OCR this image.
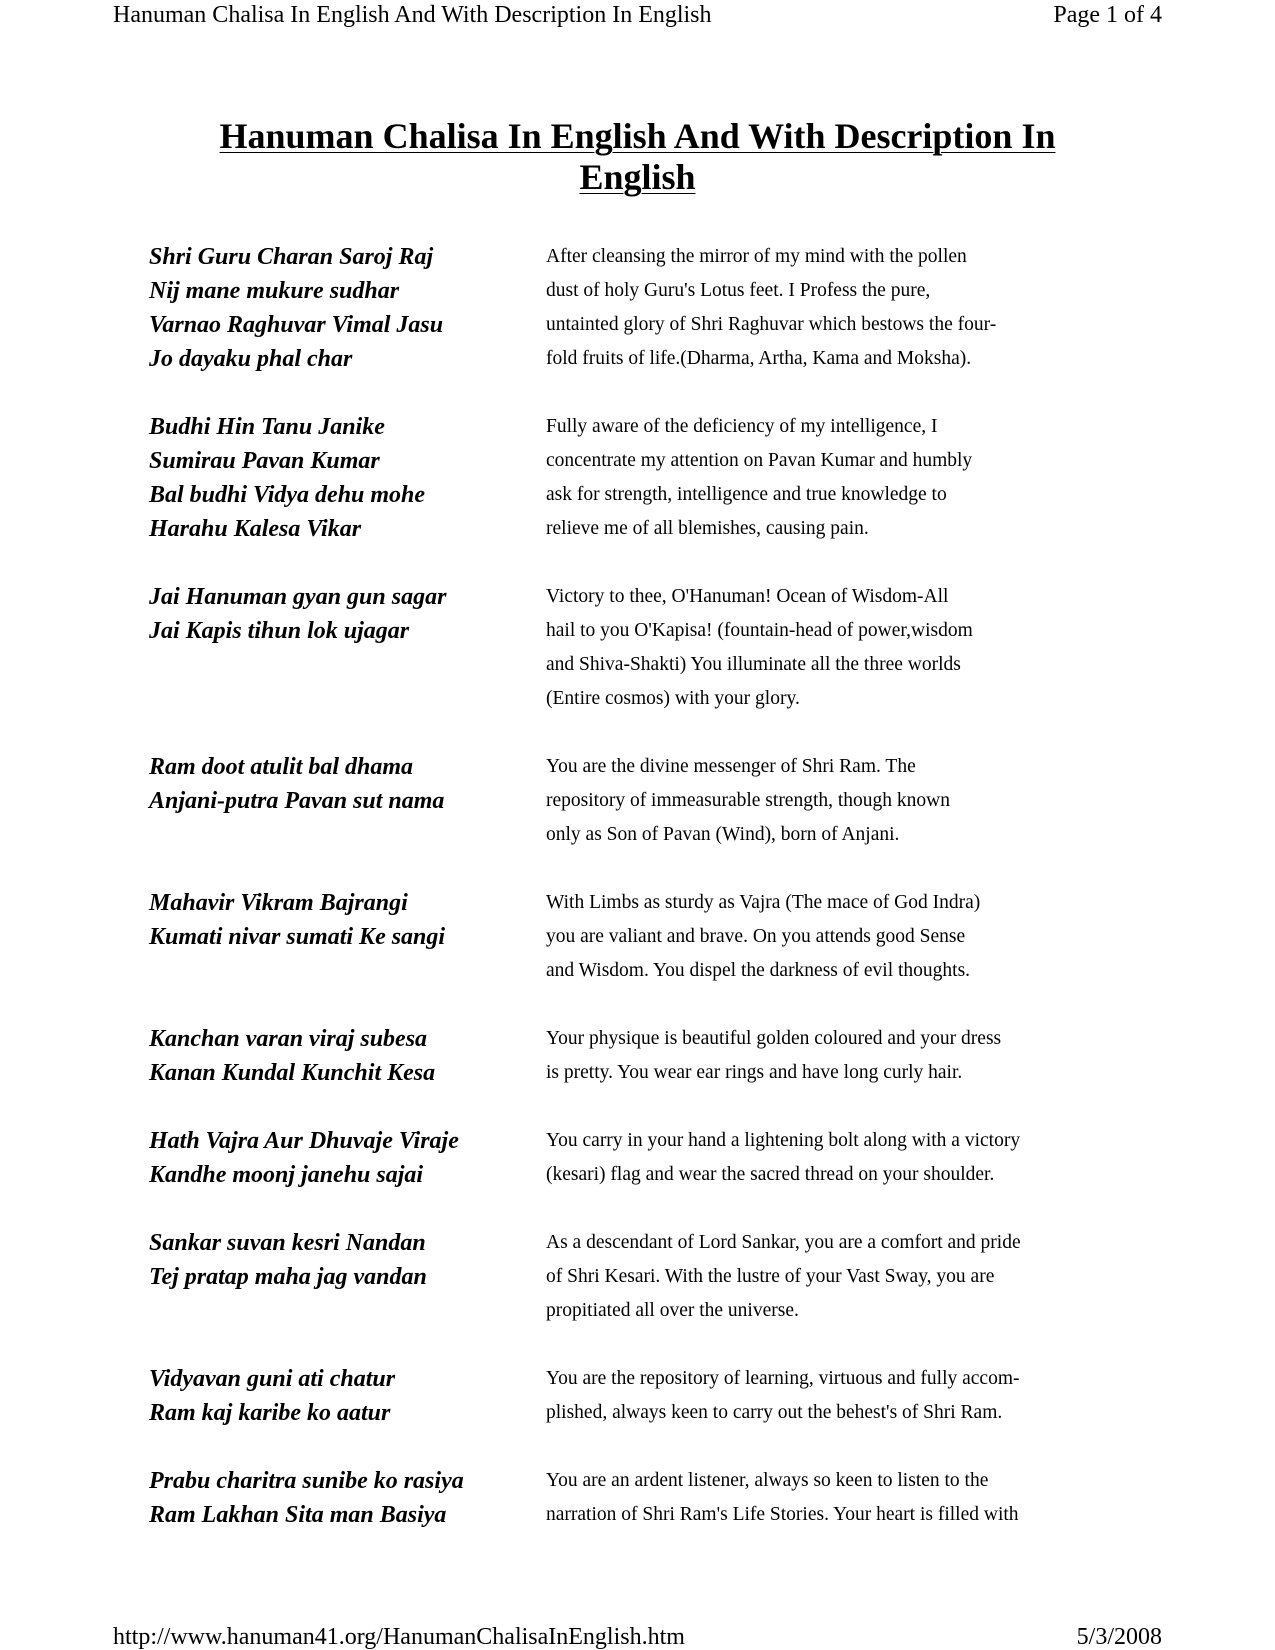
Hanuman Chalisa In English And With Description In English	Page 1 of 4
Hanuman Chalisa In English And With Description In
English
Shri Guru Charan Saroj Raj
Nij mane mukure sudhar
Varnao Raghuvar Vimal Jasu
Jo dayaku phal char
After cleansing the mirror of my mind with the pollen
dust of holy Guru's Lotus feet. I Profess the pure,
untainted glory of Shri Raghuvar which bestows the four-
fold fruits of life.(Dharma, Artha, Kama and Moksha).
Budhi Hin Tanu Janike
Sumirau Pavan Kumar
Bal budhi Vidya dehu mohe
Harahu Kalesa Vikar
Fully aware of the deficiency of my intelligence, I
concentrate my attention on Pavan Kumar and humbly
ask for strength, intelligence and true knowledge to
relieve me of all blemishes, causing pain.
Jai Hanuman gyan gun sagar
Jai Kapis tihun lok ujagar
Victory to thee, O'Hanuman! Ocean of Wisdom-All
hail to you O'Kapisa! (fountain-head of power,wisdom
and Shiva-Shakti) You illuminate all the three worlds
(Entire cosmos) with your glory.
Ram doot atulit bal dhama
Anjani-putra Pavan sut nama
You are the divine messenger of Shri Ram. The
repository of immeasurable strength, though known
only as Son of Pavan (Wind), born of Anjani.
Mahavir Vikram Bajrangi
Kumati nivar sumati Ke sangi
With Limbs as sturdy as Vajra (The mace of God Indra)
you are valiant and brave. On you attends good Sense
and Wisdom. You dispel the darkness of evil thoughts.
Kanchan varan viraj subesa
Kanan Kundal Kunchit Kesa
Your physique is beautiful golden coloured and your dress
is pretty. You wear ear rings and have long curly hair.
Hath Vajra Aur Dhuvaje Viraje
Kandhe moonj janehu sajai
You carry in your hand a lightening bolt along with a victory
(kesari) flag and wear the sacred thread on your shoulder.
Sankar suvan kesri Nandan
Tej pratap maha jag vandan
As a descendant of Lord Sankar, you are a comfort and pride
of Shri Kesari. With the lustre of your Vast Sway, you are
propitiated all over the universe.
Vidyavan guni ati chatur
Ram kaj karibe ko aatur
You are the repository of learning, virtuous and fully accom-
plished, always keen to carry out the behest's of Shri Ram.
Prabu charitra sunibe ko rasiya
Ram Lakhan Sita man Basiya
You are an ardent listener, always so keen to listen to the
narration of Shri Ram's Life Stories. Your heart is filled with
http://www.hanuman41.org/HanumanChalisaInEnglish.htm	5/3/2008
